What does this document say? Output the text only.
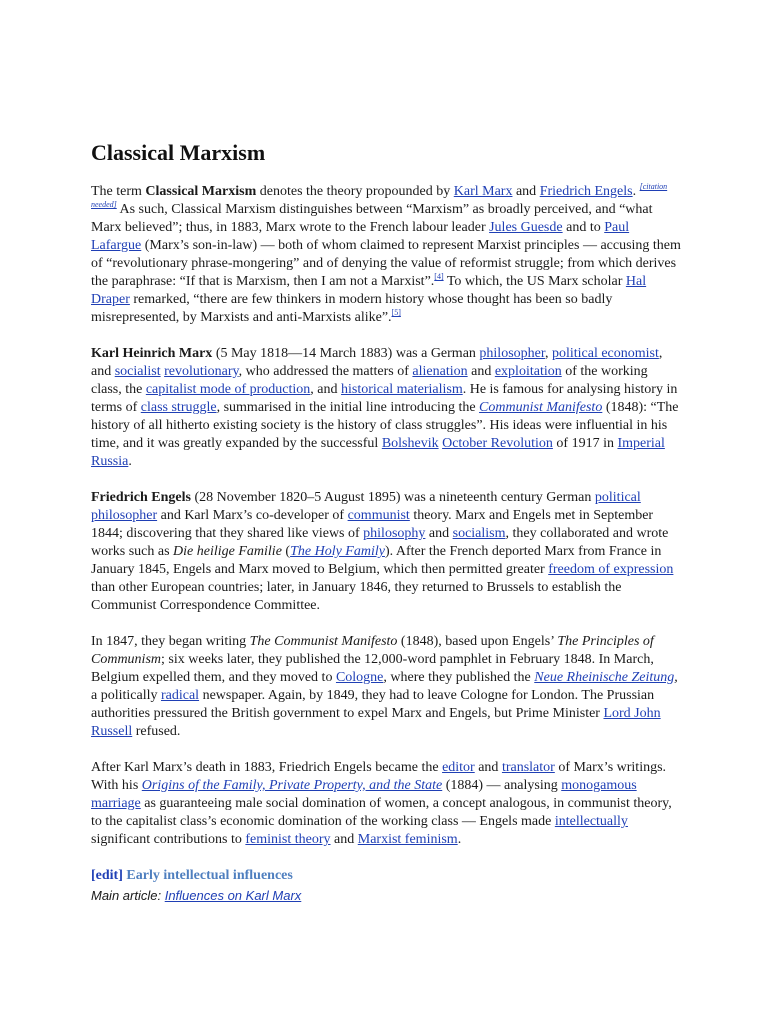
Classical Marxism

The term Classical Marxism denotes the theory propounded by Karl Marx and Friedrich Engels. [citation needed] As such, Classical Marxism distinguishes between “Marxism” as broadly perceived, and “what Marx believed”; thus, in 1883, Marx wrote to the French labour leader Jules Guesde and to Paul Lafargue (Marx’s son-in-law) — both of whom claimed to represent Marxist principles — accusing them of “revolutionary phrase-mongering” and of denying the value of reformist struggle; from which derives the paraphrase: “If that is Marxism, then I am not a Marxist”.[4] To which, the US Marx scholar Hal Draper remarked, “there are few thinkers in modern history whose thought has been so badly misrepresented, by Marxists and anti-Marxists alike”.[5]

Karl Heinrich Marx (5 May 1818—14 March 1883) was a German philosopher, political economist, and socialist revolutionary, who addressed the matters of alienation and exploitation of the working class, the capitalist mode of production, and historical materialism. He is famous for analysing history in terms of class struggle, summarised in the initial line introducing the Communist Manifesto (1848): “The history of all hitherto existing society is the history of class struggles”. His ideas were influential in his time, and it was greatly expanded by the successful Bolshevik October Revolution of 1917 in Imperial Russia.

Friedrich Engels (28 November 1820–5 August 1895) was a nineteenth century German political philosopher and Karl Marx’s co-developer of communist theory. Marx and Engels met in September 1844; discovering that they shared like views of philosophy and socialism, they collaborated and wrote works such as Die heilige Familie (The Holy Family). After the French deported Marx from France in January 1845, Engels and Marx moved to Belgium, which then permitted greater freedom of expression than other European countries; later, in January 1846, they returned to Brussels to establish the Communist Correspondence Committee.

In 1847, they began writing The Communist Manifesto (1848), based upon Engels’ The Principles of Communism; six weeks later, they published the 12,000-word pamphlet in February 1848. In March, Belgium expelled them, and they moved to Cologne, where they published the Neue Rheinische Zeitung, a politically radical newspaper. Again, by 1849, they had to leave Cologne for London. The Prussian authorities pressured the British government to expel Marx and Engels, but Prime Minister Lord John Russell refused.

After Karl Marx’s death in 1883, Friedrich Engels became the editor and translator of Marx’s writings. With his Origins of the Family, Private Property, and the State (1884) — analysing monogamous marriage as guaranteeing male social domination of women, a concept analogous, in communist theory, to the capitalist class’s economic domination of the working class — Engels made intellectually significant contributions to feminist theory and Marxist feminism.

[edit] Early intellectual influences
Main article: Influences on Karl Marx
